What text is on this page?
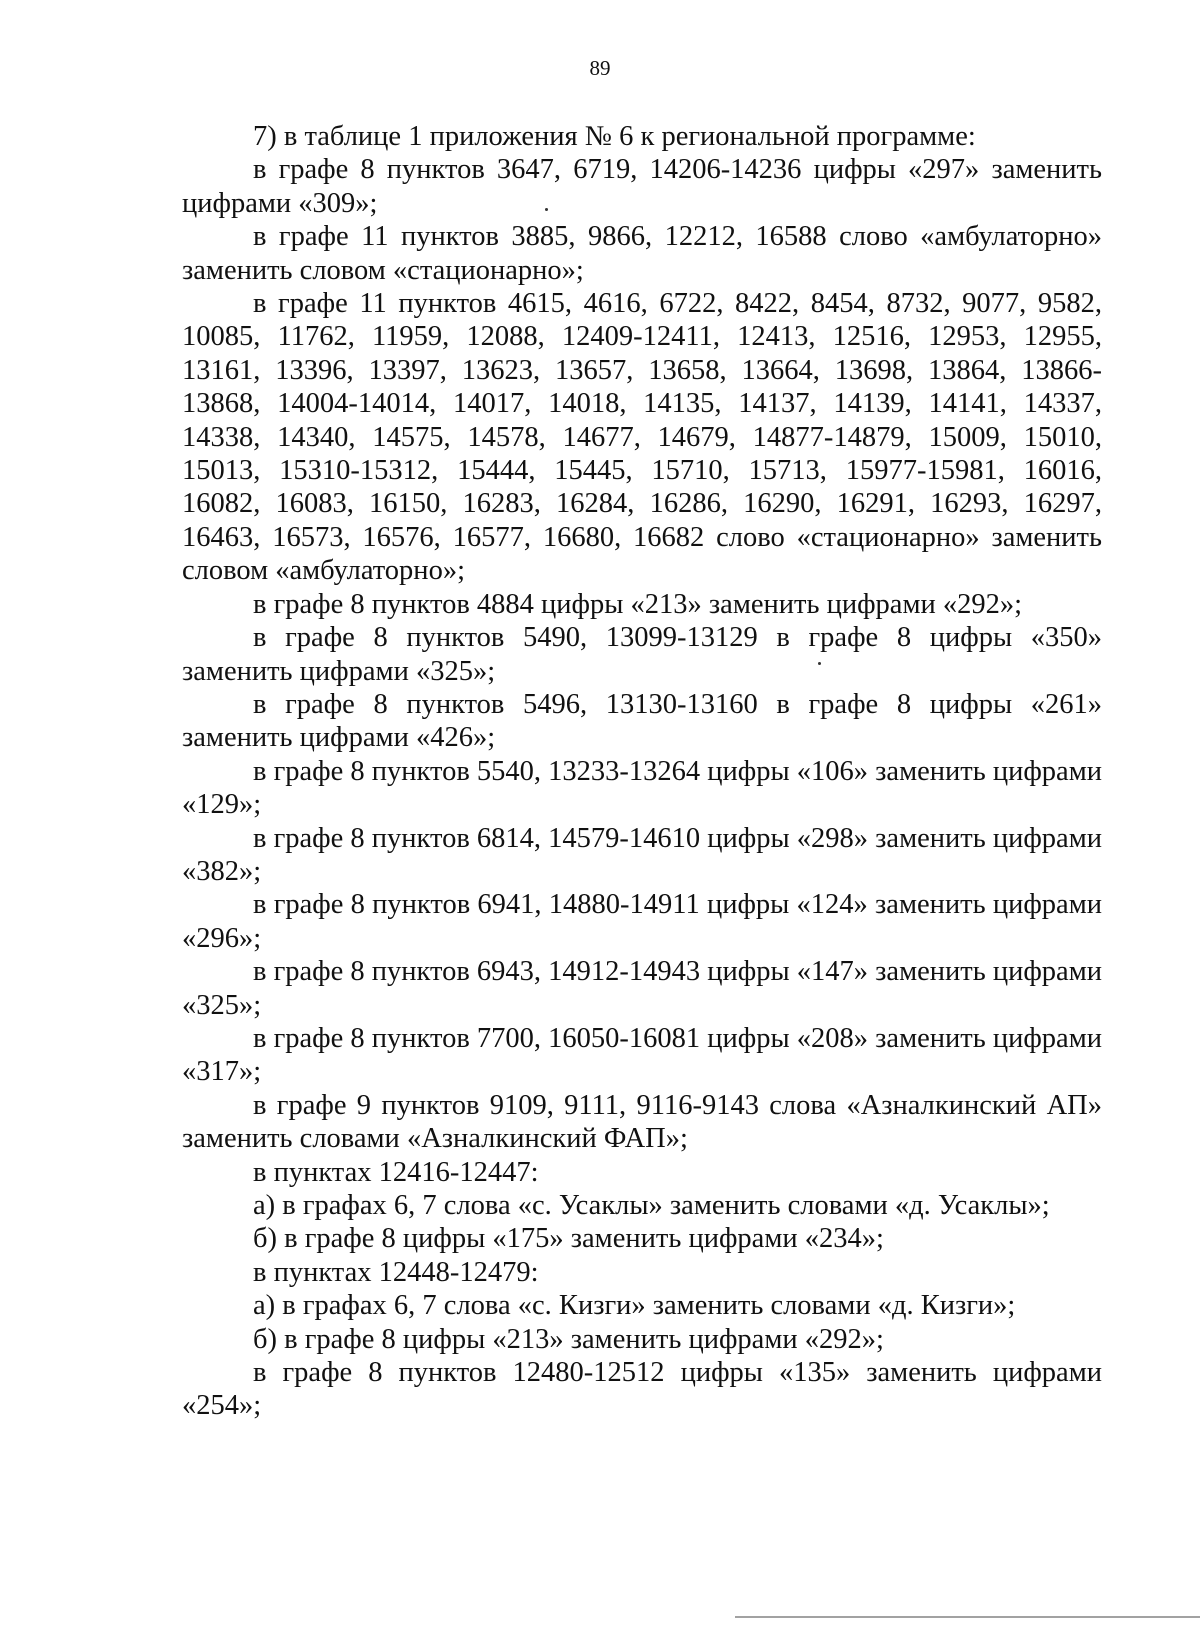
89

7) в таблице 1 приложения № 6 к региональной программе:

в графе 8 пунктов 3647, 6719, 14206-14236 цифры «297» заменить цифрами «309»;

в графе 11 пунктов 3885, 9866, 12212, 16588 слово «амбулаторно» заменить словом «стационарно»;

в графе 11 пунктов 4615, 4616, 6722, 8422, 8454, 8732, 9077, 9582, 10085, 11762, 11959, 12088, 12409-12411, 12413, 12516, 12953, 12955, 13161, 13396, 13397, 13623, 13657, 13658, 13664, 13698, 13864, 13866-13868, 14004-14014, 14017, 14018, 14135, 14137, 14139, 14141, 14337, 14338, 14340, 14575, 14578, 14677, 14679, 14877-14879, 15009, 15010, 15013, 15310-15312, 15444, 15445, 15710, 15713, 15977-15981, 16016, 16082, 16083, 16150, 16283, 16284, 16286, 16290, 16291, 16293, 16297, 16463, 16573, 16576, 16577, 16680, 16682 слово «стационарно» заменить словом «амбулаторно»;

в графе 8 пунктов 4884 цифры «213» заменить цифрами «292»;

в графе 8 пунктов 5490, 13099-13129 в графе 8 цифры «350» заменить цифрами «325»;

в графе 8 пунктов 5496, 13130-13160 в графе 8 цифры «261» заменить цифрами «426»;

в графе 8 пунктов 5540, 13233-13264 цифры «106» заменить цифрами «129»;

в графе 8 пунктов 6814, 14579-14610 цифры «298» заменить цифрами «382»;

в графе 8 пунктов 6941, 14880-14911 цифры «124» заменить цифрами «296»;

в графе 8 пунктов 6943, 14912-14943 цифры «147» заменить цифрами «325»;

в графе 8 пунктов 7700, 16050-16081 цифры «208» заменить цифрами «317»;

в графе 9 пунктов 9109, 9111, 9116-9143 слова «Азналкинский АП» заменить словами «Азналкинский ФАП»;

в пунктах 12416-12447:

а) в графах 6, 7 слова «с. Усаклы» заменить словами «д. Усаклы»;

б) в графе 8 цифры «175» заменить цифрами «234»;

в пунктах 12448-12479:

а) в графах 6, 7 слова «с. Кизги» заменить словами «д. Кизги»;

б) в графе 8 цифры «213» заменить цифрами «292»;

в графе 8 пунктов 12480-12512 цифры «135» заменить цифрами «254»;
